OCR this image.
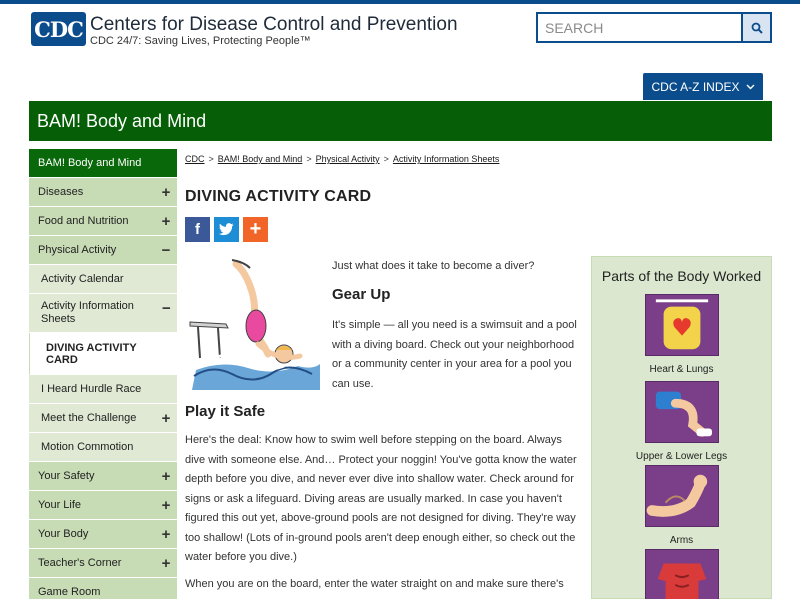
CDC Centers for Disease Control and Prevention
CDC 24/7: Saving Lives, Protecting People™
SEARCH
CDC A-Z INDEX
BAM! Body and Mind
BAM! Body and Mind
Diseases	+
Food and Nutrition +
Physical Activity	−
Activity Calendar
Activity Information Sheets
−
DIVING ACTIVITY CARD
I Heard Hurdle Race
Meet the Challenge +
Motion Commotion
Your Safety	+
Your Life	+
Your Body	+
Teacher's Corner	+
Game Room
CDC > BAM! Body and Mind > Physical Activity > Activity Information Sheets
DIVING ACTIVITY CARD
f +

Just what does it take to become a diver?

Gear Up

It's simple — all you need is a swimsuit and a pool with a diving board. Check out your neighborhood or a community center in your area for a pool you can use.

Play it Safe

Here's the deal: Know how to swim well before stepping on the board. Always dive with someone else. And… Protect your noggin! You've gotta know the water depth before you dive, and never ever dive into shallow water. Check around for signs or ask a lifeguard. Diving areas are usually marked. In case you haven't figured this out yet, above-ground pools are not designed for diving. They're way too shallow! (Lots of in-ground pools aren't deep enough either, so check out the water before you dive.)

When you are on the board, enter the water straight on and make sure there's

Parts of the Body Worked
Heart & Lungs
Upper & Lower Legs
Arms
